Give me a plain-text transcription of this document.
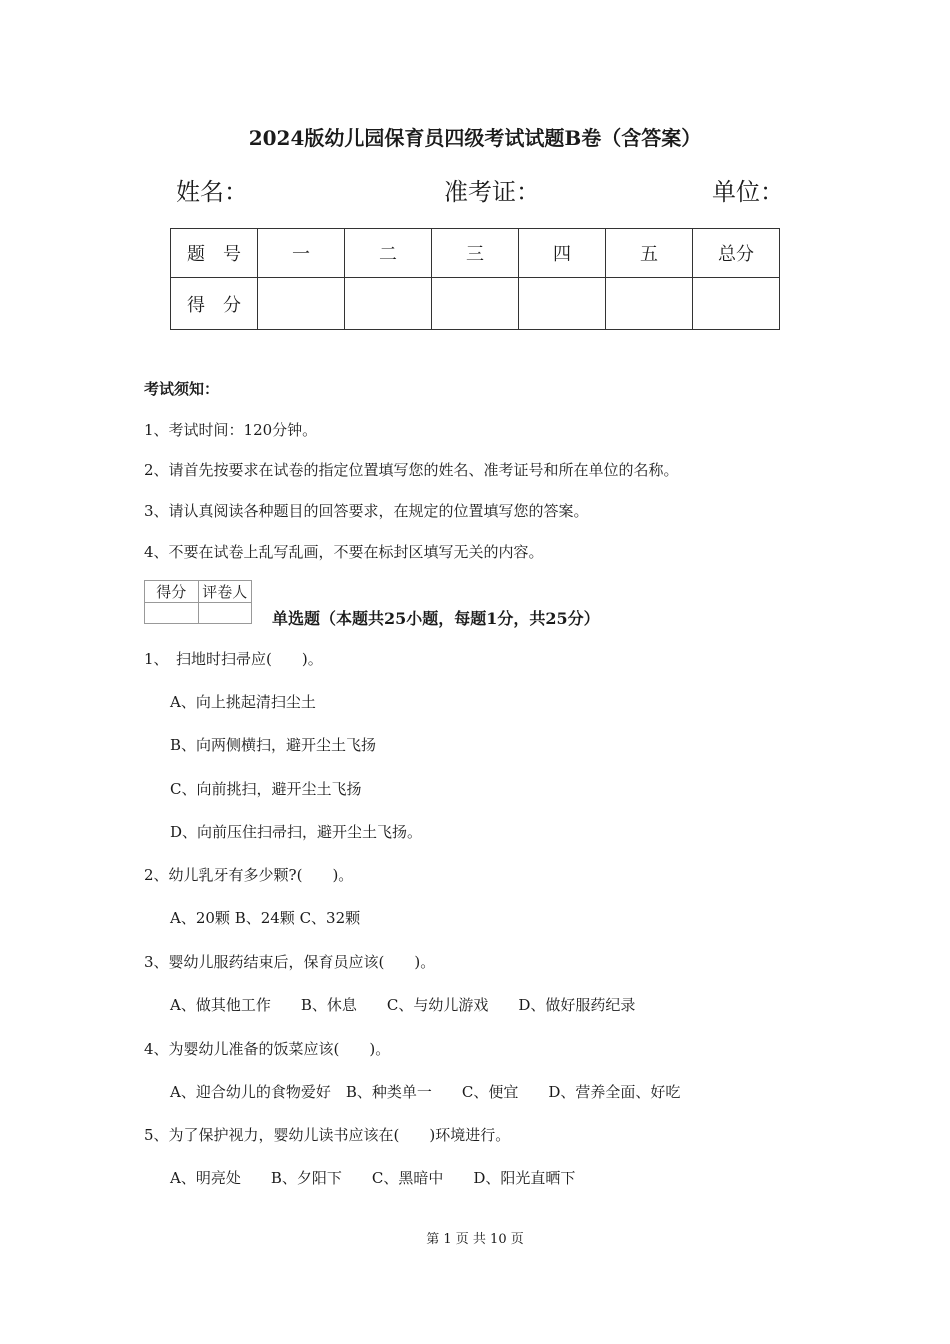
2024版幼儿园保育员四级考试试题B卷（含答案）
姓名：	准考证：	单位：
题　号	一	二	三	四	五	总分
得　分						
考试须知：
1、考试时间：120分钟。
2、请首先按要求在试卷的指定位置填写您的姓名、准考证号和所在单位的名称。
3、请认真阅读各种题目的回答要求，在规定的位置填写您的答案。
4、不要在试卷上乱写乱画，不要在标封区填写无关的内容。
得分	评卷人

单选题（本题共25小题，每题1分，共25分）
1、　扫地时扫帚应(　　)。
A、向上挑起清扫尘土
B、向两侧横扫，避开尘土飞扬
C、向前挑扫，避开尘土飞扬
D、向前压住扫帚扫，避开尘土飞扬。
2、幼儿乳牙有多少颗?(　　)。
A、20颗 B、24颗 C、32颗
3、婴幼儿服药结束后，保育员应该(　　)。
A、做其他工作　　B、休息　　C、与幼儿游戏　　D、做好服药纪录
4、为婴幼儿准备的饭菜应该(　　)。
A、迎合幼儿的食物爱好　B、种类单一　　C、便宜　　D、营养全面、好吃
5、为了保护视力，婴幼儿读书应该在(　　)环境进行。
A、明亮处　　B、夕阳下　　C、黑暗中　　D、阳光直晒下
第 1 页 共 10 页
